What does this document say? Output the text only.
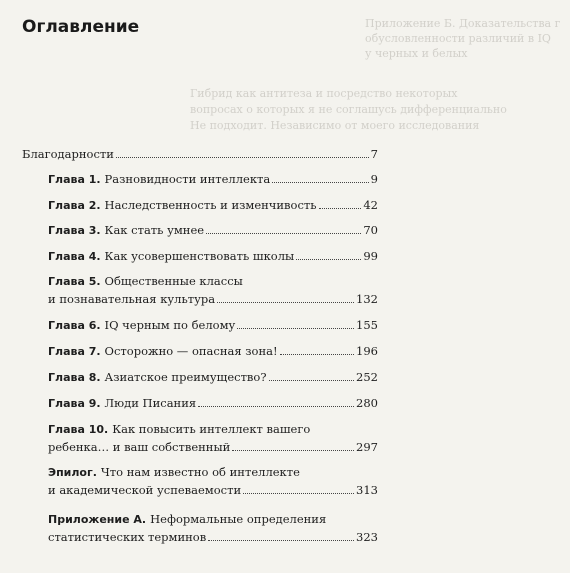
Приложение Б. Доказательства г
обусловленности различий в IQ
у черных и белых
Гибрид как антитеза и посредство некоторых
вопросах о которых я не соглашусь дифференциально
Не подходит. Независимо от моего исследования

Оглавление
Благодарности	7
Глава 1. Разновидности интеллекта	9
Глава 2. Наследственность и изменчивость	42
Глава 3. Как стать умнее	70
Глава 4. Как усовершенствовать школы	99
Глава 5. Общественные классы
и познавательная культура	132
Глава 6. IQ черным по белому	155
Глава 7. Осторожно — опасная зона!	196
Глава 8. Азиатское преимущество?	252
Глава 9. Люди Писания	280
Глава 10. Как повысить интеллект вашего
ребенка… и ваш собственный	297
Эпилог. Что нам известно об интеллекте
и академической успеваемости	313
Приложение А. Неформальные определения
статистических терминов	323
